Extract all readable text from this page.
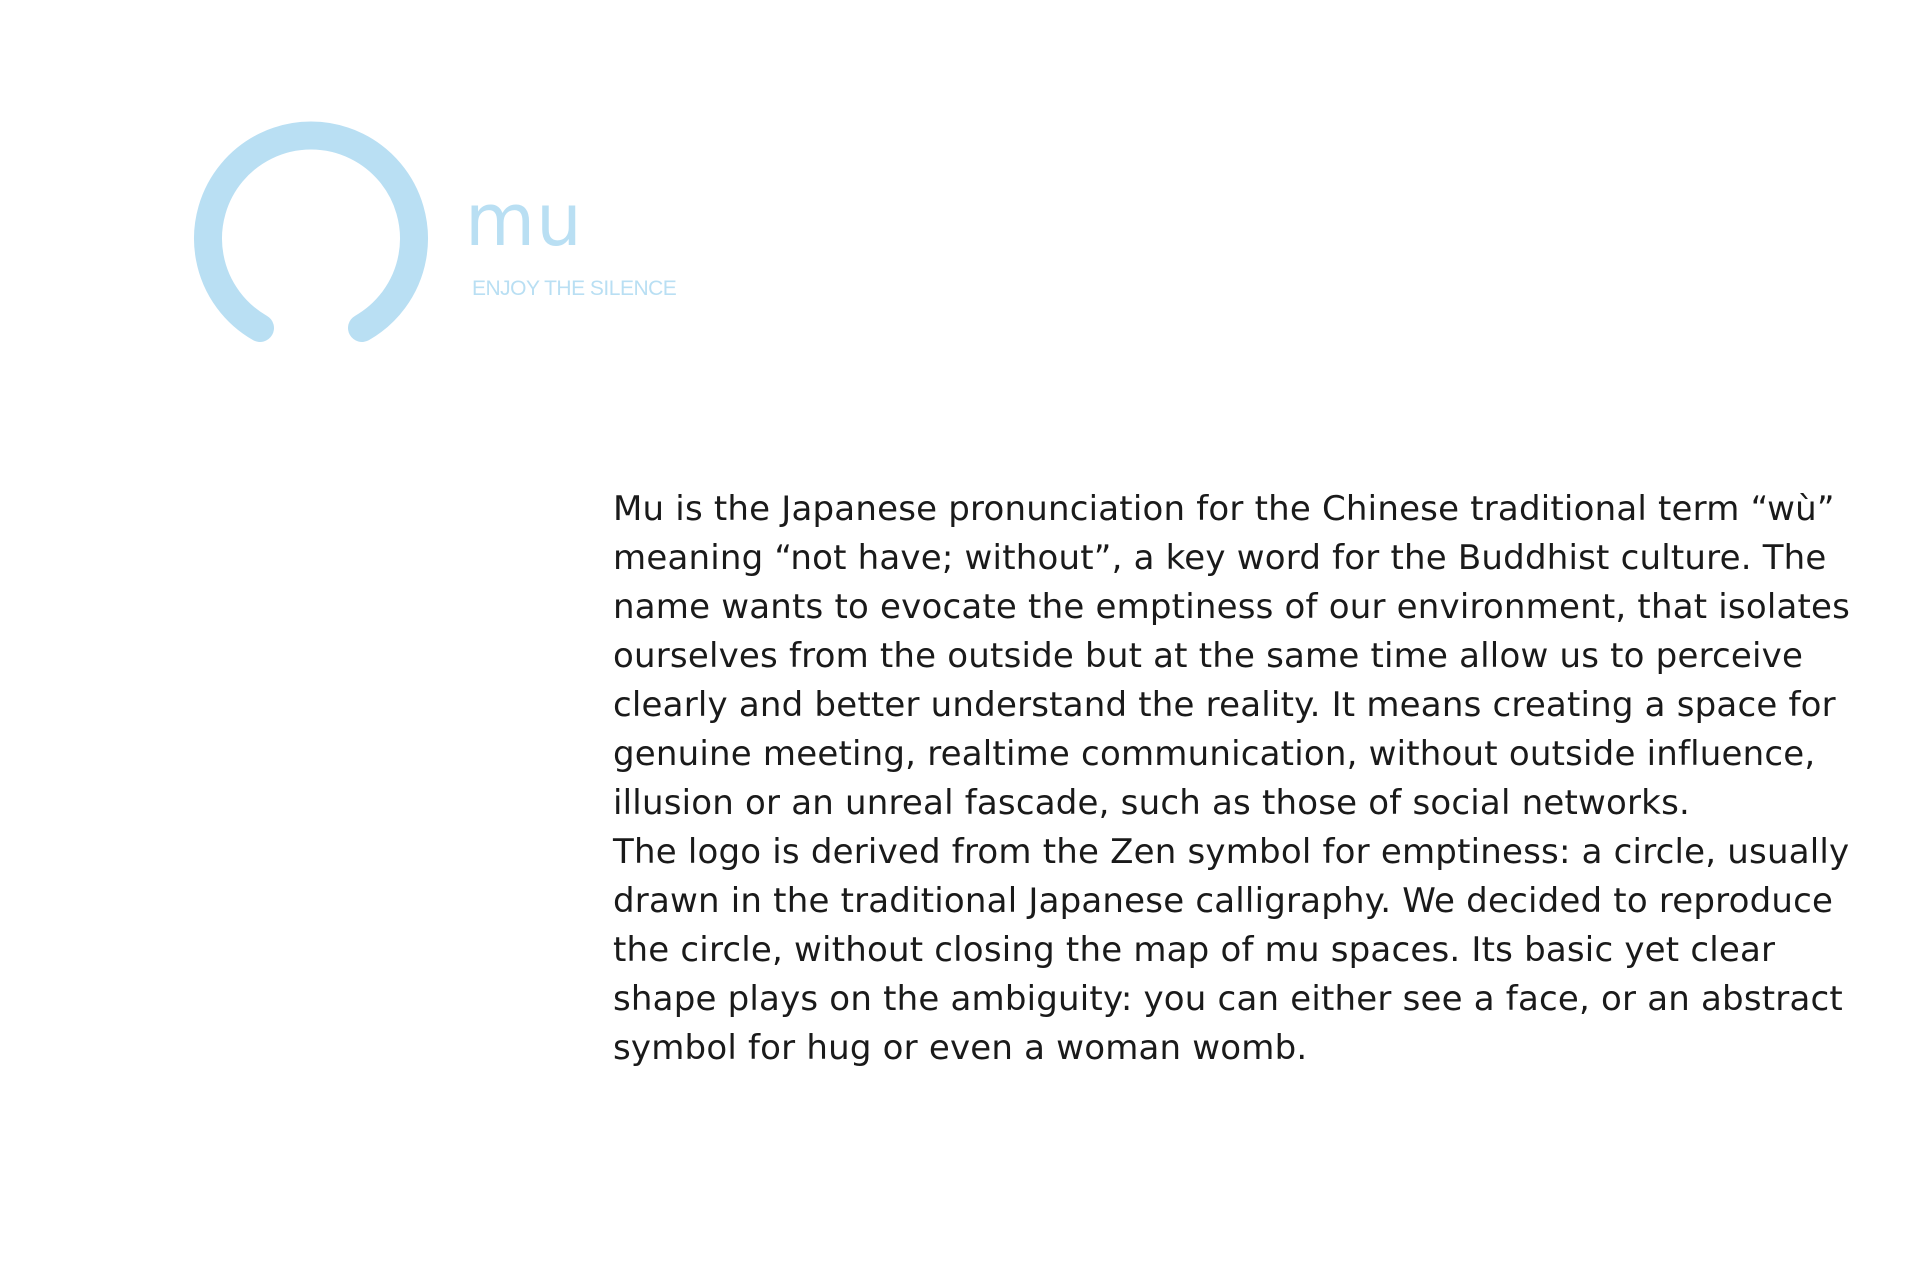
mu
ENJOY THE SILENCE
Mu is the Japanese pronunciation for the Chinese traditional term “wù”
meaning “not have; without”, a key word for the Buddhist culture. The
name wants to evocate the emptiness of our environment, that isolates
ourselves from the outside but at the same time allow us to perceive
clearly and better understand the reality. It means creating a space for
genuine meeting, realtime communication, without outside influence,
illusion or an unreal fascade, such as those of social networks.
The logo is derived from the Zen symbol for emptiness: a circle, usually
drawn in the traditional Japanese calligraphy. We decided to reproduce
the circle, without closing the map of mu spaces. Its basic yet clear
shape plays on the ambiguity: you can either see a face, or an abstract
symbol for hug or even a woman womb.
